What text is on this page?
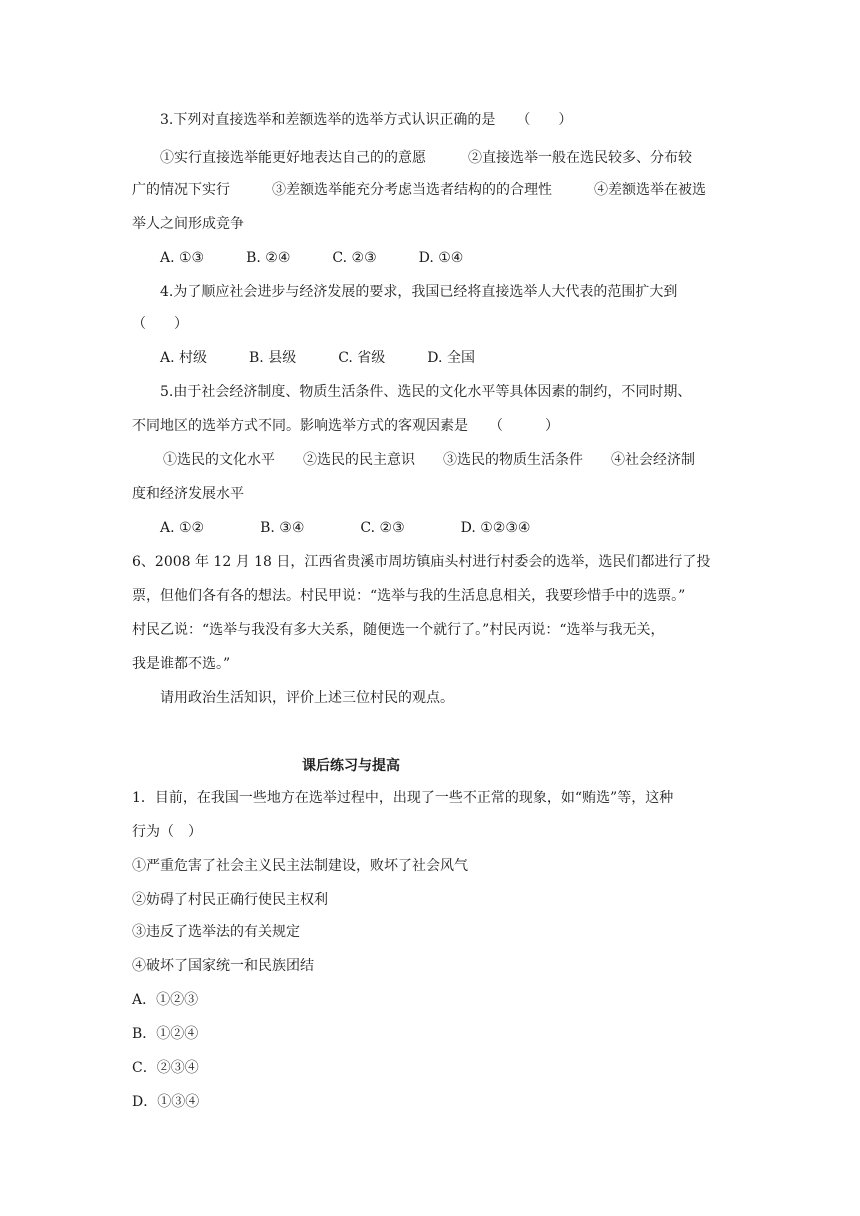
3.下列对直接选举和差额选举的选举方式认识正确的是　　（　　）
①实行直接选举能更好地表达自己的的意愿　　　②直接选举一般在选民较多、分布较
广的情况下实行　　　③差额选举能充分考虑当选者结构的的合理性　　　④差额选举在被选
举人之间形成竞争
A. ①③　　　B. ②④　　　C. ②③　　　D. ①④
4.为了顺应社会进步与经济发展的要求，我国已经将直接选举人大代表的范围扩大到
（　　）
A. 村级　　　B. 县级　　　C. 省级　　　D. 全国
5.由于社会经济制度、物质生活条件、选民的文化水平等具体因素的制约，不同时期、
不同地区的选举方式不同。影响选举方式的客观因素是　　（　　　）
①选民的文化水平　　②选民的民主意识　　③选民的物质生活条件　　④社会经济制
度和经济发展水平
A. ①②　　　　B. ③④　　　　C. ②③　　　　D. ①②③④
6、2008 年 12 月 18 日，江西省贵溪市周坊镇庙头村进行村委会的选举，选民们都进行了投
票，但他们各有各的想法。村民甲说：“选举与我的生活息息相关，我要珍惜手中的选票。”
村民乙说：“选举与我没有多大关系，随便选一个就行了。”村民丙说：“选举与我无关，
我是谁都不选。”
请用政治生活知识，评价上述三位村民的观点。
课后练习与提高
1．目前，在我国一些地方在选举过程中，出现了一些不正常的现象，如“贿选”等，这种
行为（　）
①严重危害了社会主义民主法制建设，败坏了社会风气
②妨碍了村民正确行使民主权利
③违反了选举法的有关规定
④破坏了国家统一和民族团结
A．①②③
B．①②④
C．②③④
D．①③④
